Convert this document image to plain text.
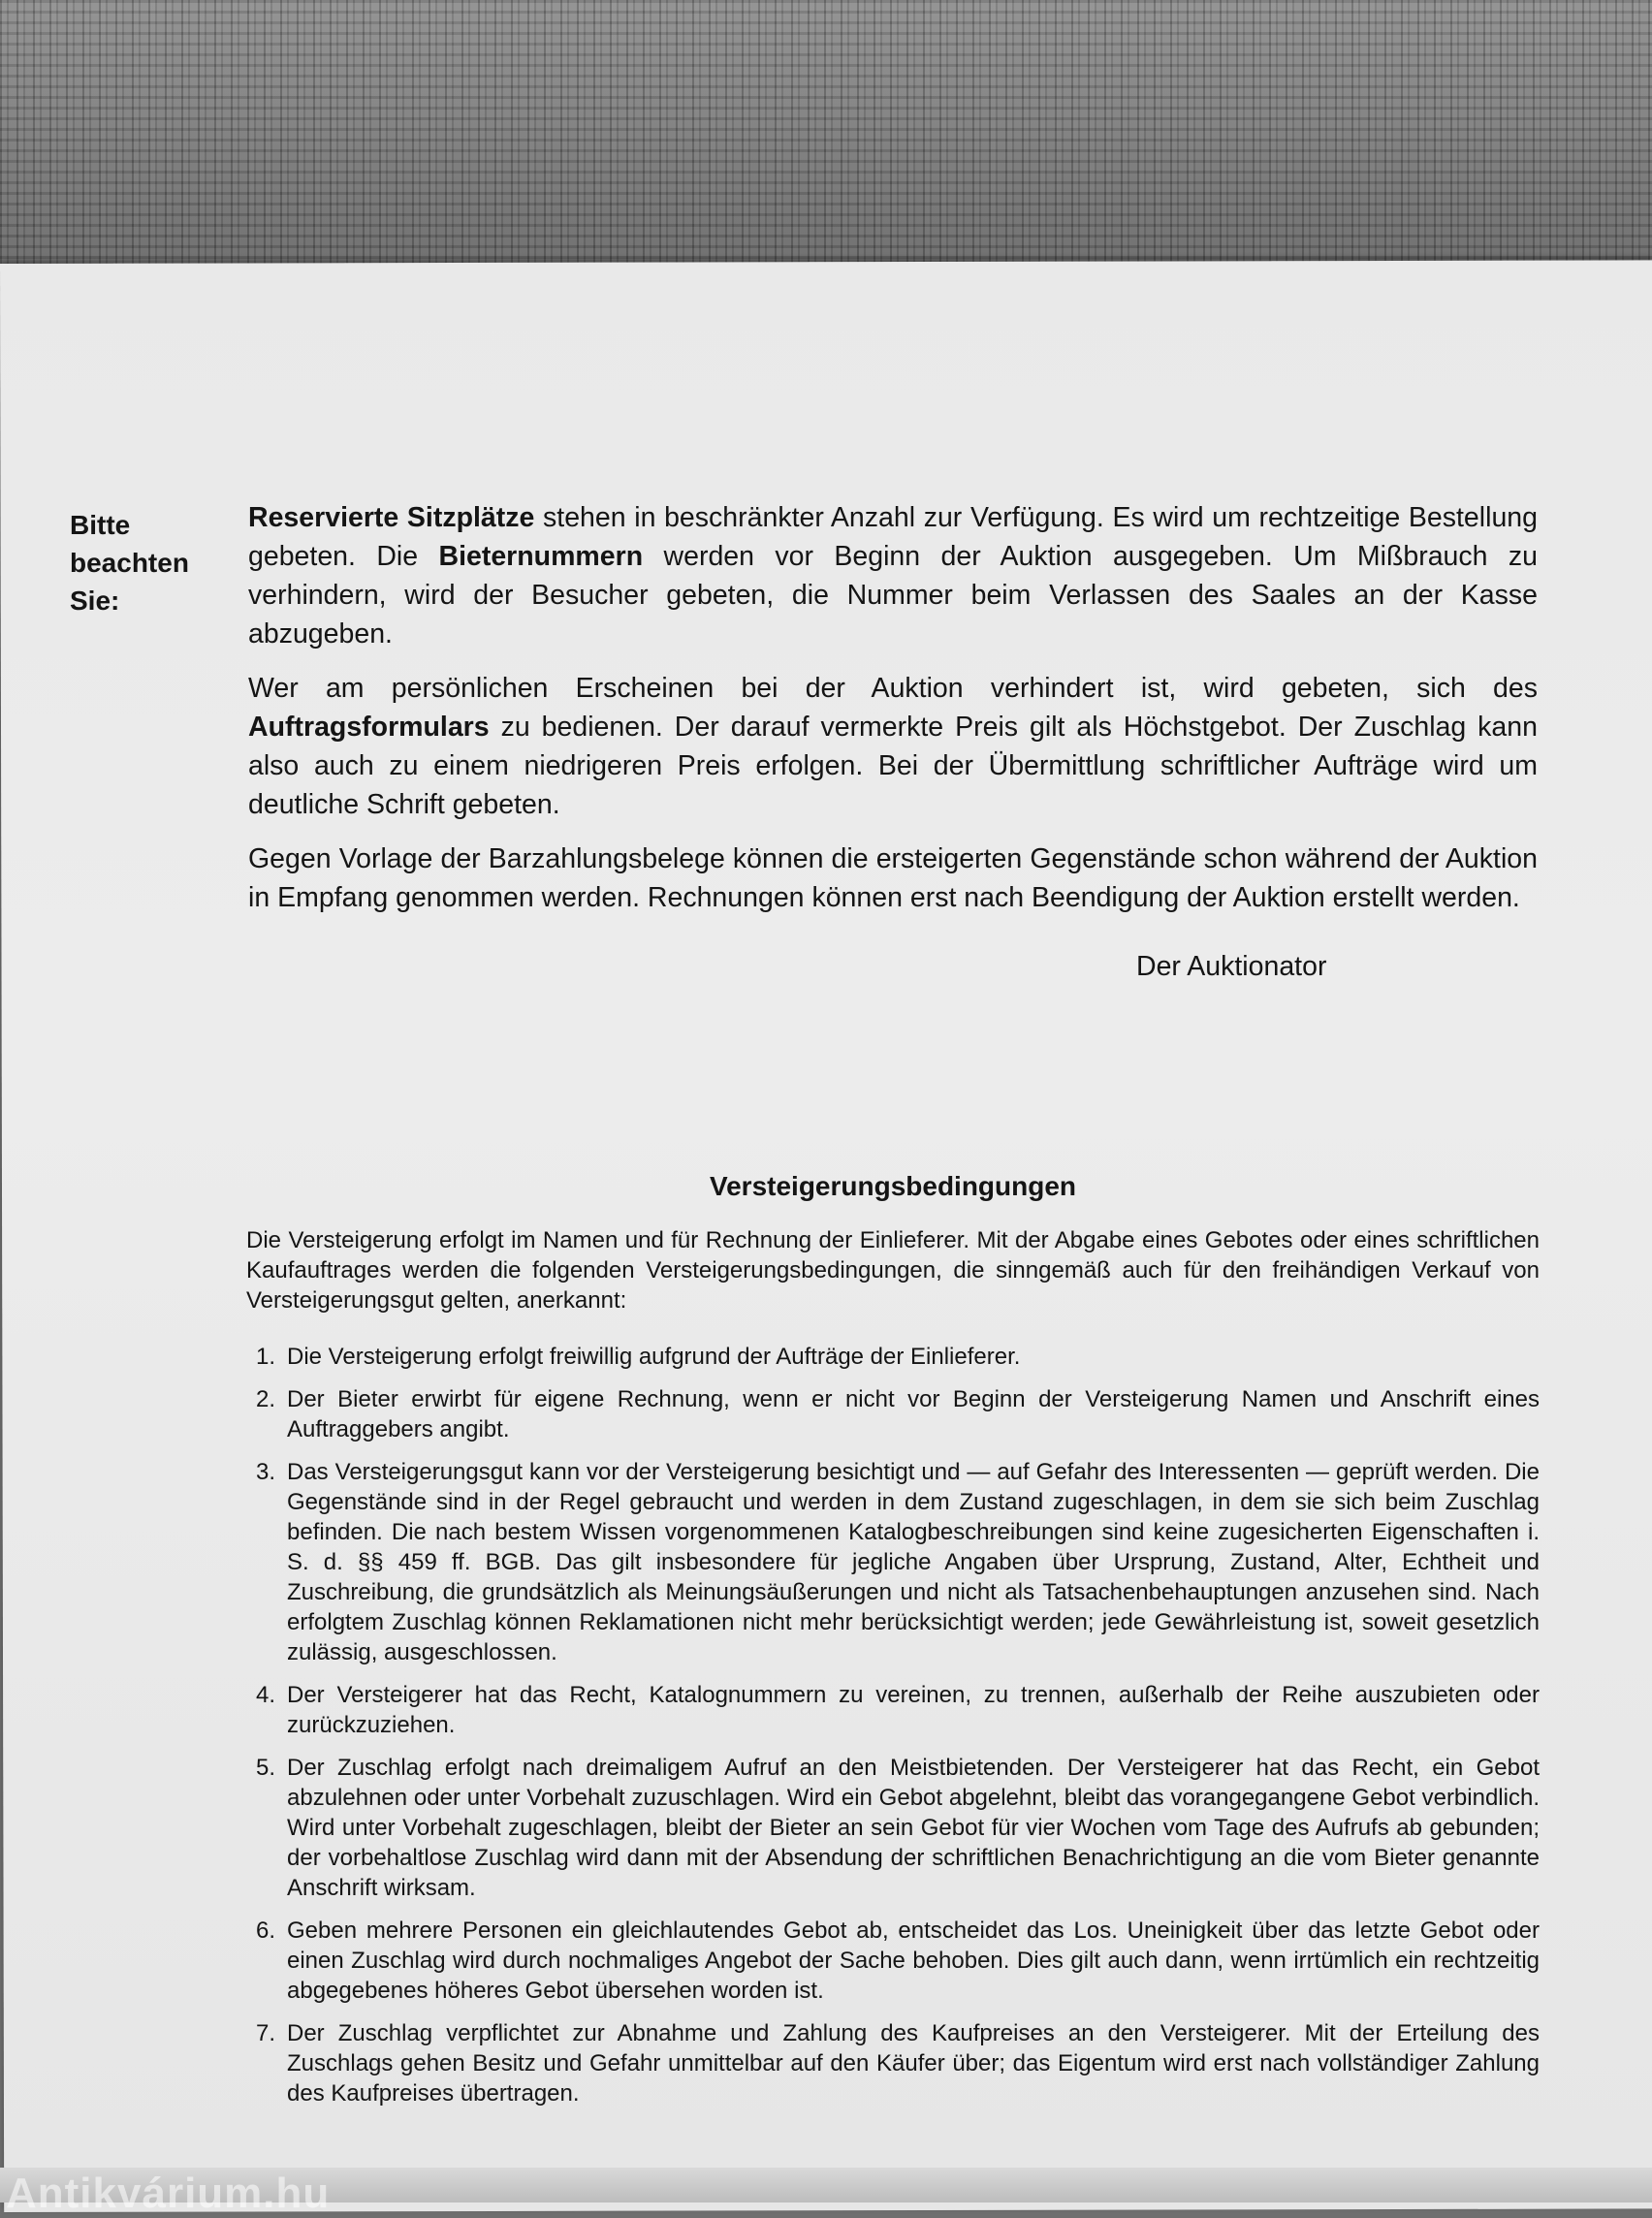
Bitte
beachten
Sie:

Reservierte Sitzplätze stehen in beschränkter Anzahl zur Verfügung. Es wird um rechtzeitige Bestellung gebeten. Die Bieternummern werden vor Beginn der Auktion ausgegeben. Um Mißbrauch zu verhindern, wird der Besucher gebeten, die Nummer beim Verlassen des Saales an der Kasse abzugeben.

Wer am persönlichen Erscheinen bei der Auktion verhindert ist, wird gebeten, sich des Auftragsformulars zu bedienen. Der darauf vermerkte Preis gilt als Höchstgebot. Der Zuschlag kann also auch zu einem niedrigeren Preis erfolgen. Bei der Übermittlung schriftlicher Aufträge wird um deutliche Schrift gebeten.

Gegen Vorlage der Barzahlungsbelege können die ersteigerten Gegenstände schon während der Auktion in Empfang genommen werden. Rechnungen können erst nach Beendigung der Auktion erstellt werden.

Der Auktionator
Versteigerungsbedingungen

Die Versteigerung erfolgt im Namen und für Rechnung der Einlieferer. Mit der Abgabe eines Gebotes oder eines schriftlichen Kaufauftrages werden die folgenden Versteigerungsbedingungen, die sinngemäß auch für den freihändigen Verkauf von Versteigerungsgut gelten, anerkannt:

1. Die Versteigerung erfolgt freiwillig aufgrund der Aufträge der Einlieferer.
2. Der Bieter erwirbt für eigene Rechnung, wenn er nicht vor Beginn der Versteigerung Namen und Anschrift eines Auftraggebers angibt.
3. Das Versteigerungsgut kann vor der Versteigerung besichtigt und — auf Gefahr des Interessenten — geprüft werden. Die Gegenstände sind in der Regel gebraucht und werden in dem Zustand zugeschlagen, in dem sie sich beim Zuschlag befinden. Die nach bestem Wissen vorgenommenen Katalogbeschreibungen sind keine zugesicherten Eigenschaften i. S. d. §§ 459 ff. BGB. Das gilt insbesondere für jegliche Angaben über Ursprung, Zustand, Alter, Echtheit und Zuschreibung, die grundsätzlich als Meinungsäußerungen und nicht als Tatsachenbehauptungen anzusehen sind. Nach erfolgtem Zuschlag können Reklamationen nicht mehr berücksichtigt werden; jede Gewährleistung ist, soweit gesetzlich zulässig, ausgeschlossen.
4. Der Versteigerer hat das Recht, Katalognummern zu vereinen, zu trennen, außerhalb der Reihe auszubieten oder zurückzuziehen.
5. Der Zuschlag erfolgt nach dreimaligem Aufruf an den Meistbietenden. Der Versteigerer hat das Recht, ein Gebot abzulehnen oder unter Vorbehalt zuzuschlagen. Wird ein Gebot abgelehnt, bleibt das vorangegangene Gebot verbindlich. Wird unter Vorbehalt zugeschlagen, bleibt der Bieter an sein Gebot für vier Wochen vom Tage des Aufrufs ab gebunden; der vorbehaltlose Zuschlag wird dann mit der Absendung der schriftlichen Benachrichtigung an die vom Bieter genannte Anschrift wirksam.
6. Geben mehrere Personen ein gleichlautendes Gebot ab, entscheidet das Los. Uneinigkeit über das letzte Gebot oder einen Zuschlag wird durch nochmaliges Angebot der Sache behoben. Dies gilt auch dann, wenn irrtümlich ein rechtzeitig abgegebenes höheres Gebot übersehen worden ist.
7. Der Zuschlag verpflichtet zur Abnahme und Zahlung des Kaufpreises an den Versteigerer. Mit der Erteilung des Zuschlags gehen Besitz und Gefahr unmittelbar auf den Käufer über; das Eigentum wird erst nach vollständiger Zahlung des Kaufpreises übertragen.
Antikvárium.hu
